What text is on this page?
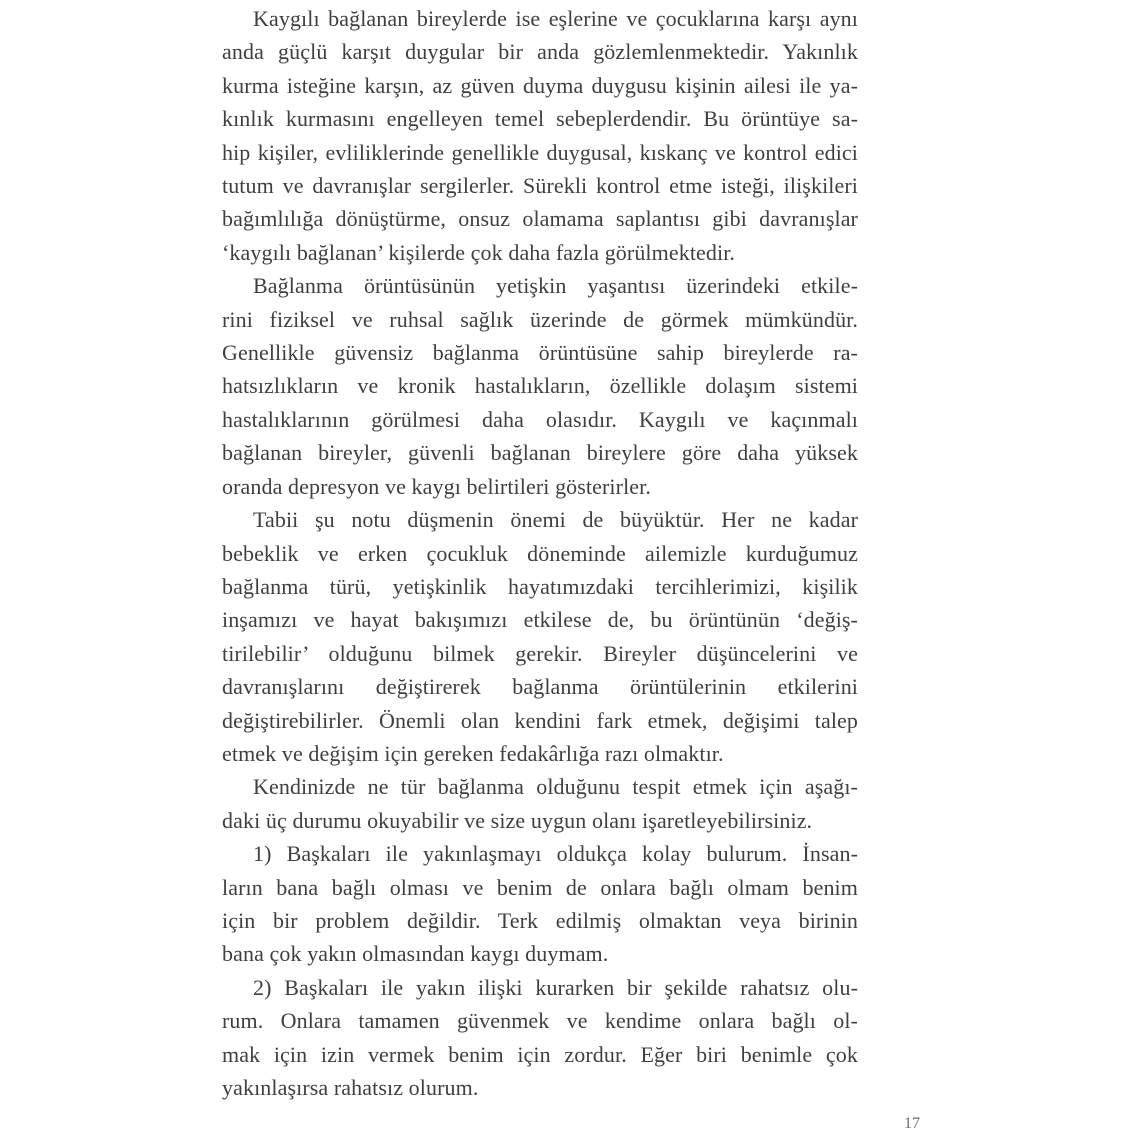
Kaygılı bağlanan bireylerde ise eşlerine ve çocuklarına karşı aynı
anda güçlü karşıt duygular bir anda gözlemlenmektedir. Yakınlık
kurma isteğine karşın, az güven duyma duygusu kişinin ailesi ile ya-
kınlık kurmasını engelleyen temel sebeplerdendir. Bu örüntüye sa-
hip kişiler, evliliklerinde genellikle duygusal, kıskanç ve kontrol edici
tutum ve davranışlar sergilerler. Sürekli kontrol etme isteği, ilişkileri
bağımlılığa dönüştürme, onsuz olamama saplantısı gibi davranışlar
‘kaygılı bağlanan’ kişilerde çok daha fazla görülmektedir.
Bağlanma örüntüsünün yetişkin yaşantısı üzerindeki etkile-
rini fiziksel ve ruhsal sağlık üzerinde de görmek mümkündür.
Genellikle güvensiz bağlanma örüntüsüne sahip bireylerde ra-
hatsızlıkların ve kronik hastalıkların, özellikle dolaşım sistemi
hastalıklarının görülmesi daha olasıdır. Kaygılı ve kaçınmalı
bağlanan bireyler, güvenli bağlanan bireylere göre daha yüksek
oranda depresyon ve kaygı belirtileri gösterirler.
Tabii şu notu düşmenin önemi de büyüktür. Her ne kadar
bebeklik ve erken çocukluk döneminde ailemizle kurduğumuz
bağlanma türü, yetişkinlik hayatımızdaki tercihlerimizi, kişilik
inşamızı ve hayat bakışımızı etkilese de, bu örüntünün ‘değiş-
tirilebilir’ olduğunu bilmek gerekir. Bireyler düşüncelerini ve
davranışlarını değiştirerek bağlanma örüntülerinin etkilerini
değiştirebilirler. Önemli olan kendini fark etmek, değişimi talep
etmek ve değişim için gereken fedakârlığa razı olmaktır.
Kendinizde ne tür bağlanma olduğunu tespit etmek için aşağı-
daki üç durumu okuyabilir ve size uygun olanı işaretleyebilirsiniz.
1) Başkaları ile yakınlaşmayı oldukça kolay bulurum. İnsan-
ların bana bağlı olması ve benim de onlara bağlı olmam benim
için bir problem değildir. Terk edilmiş olmaktan veya birinin
bana çok yakın olmasından kaygı duymam.
2) Başkaları ile yakın ilişki kurarken bir şekilde rahatsız olu-
rum. Onlara tamamen güvenmek ve kendime onlara bağlı ol-
mak için izin vermek benim için zordur. Eğer biri benimle çok
yakınlaşırsa rahatsız olurum.
17
